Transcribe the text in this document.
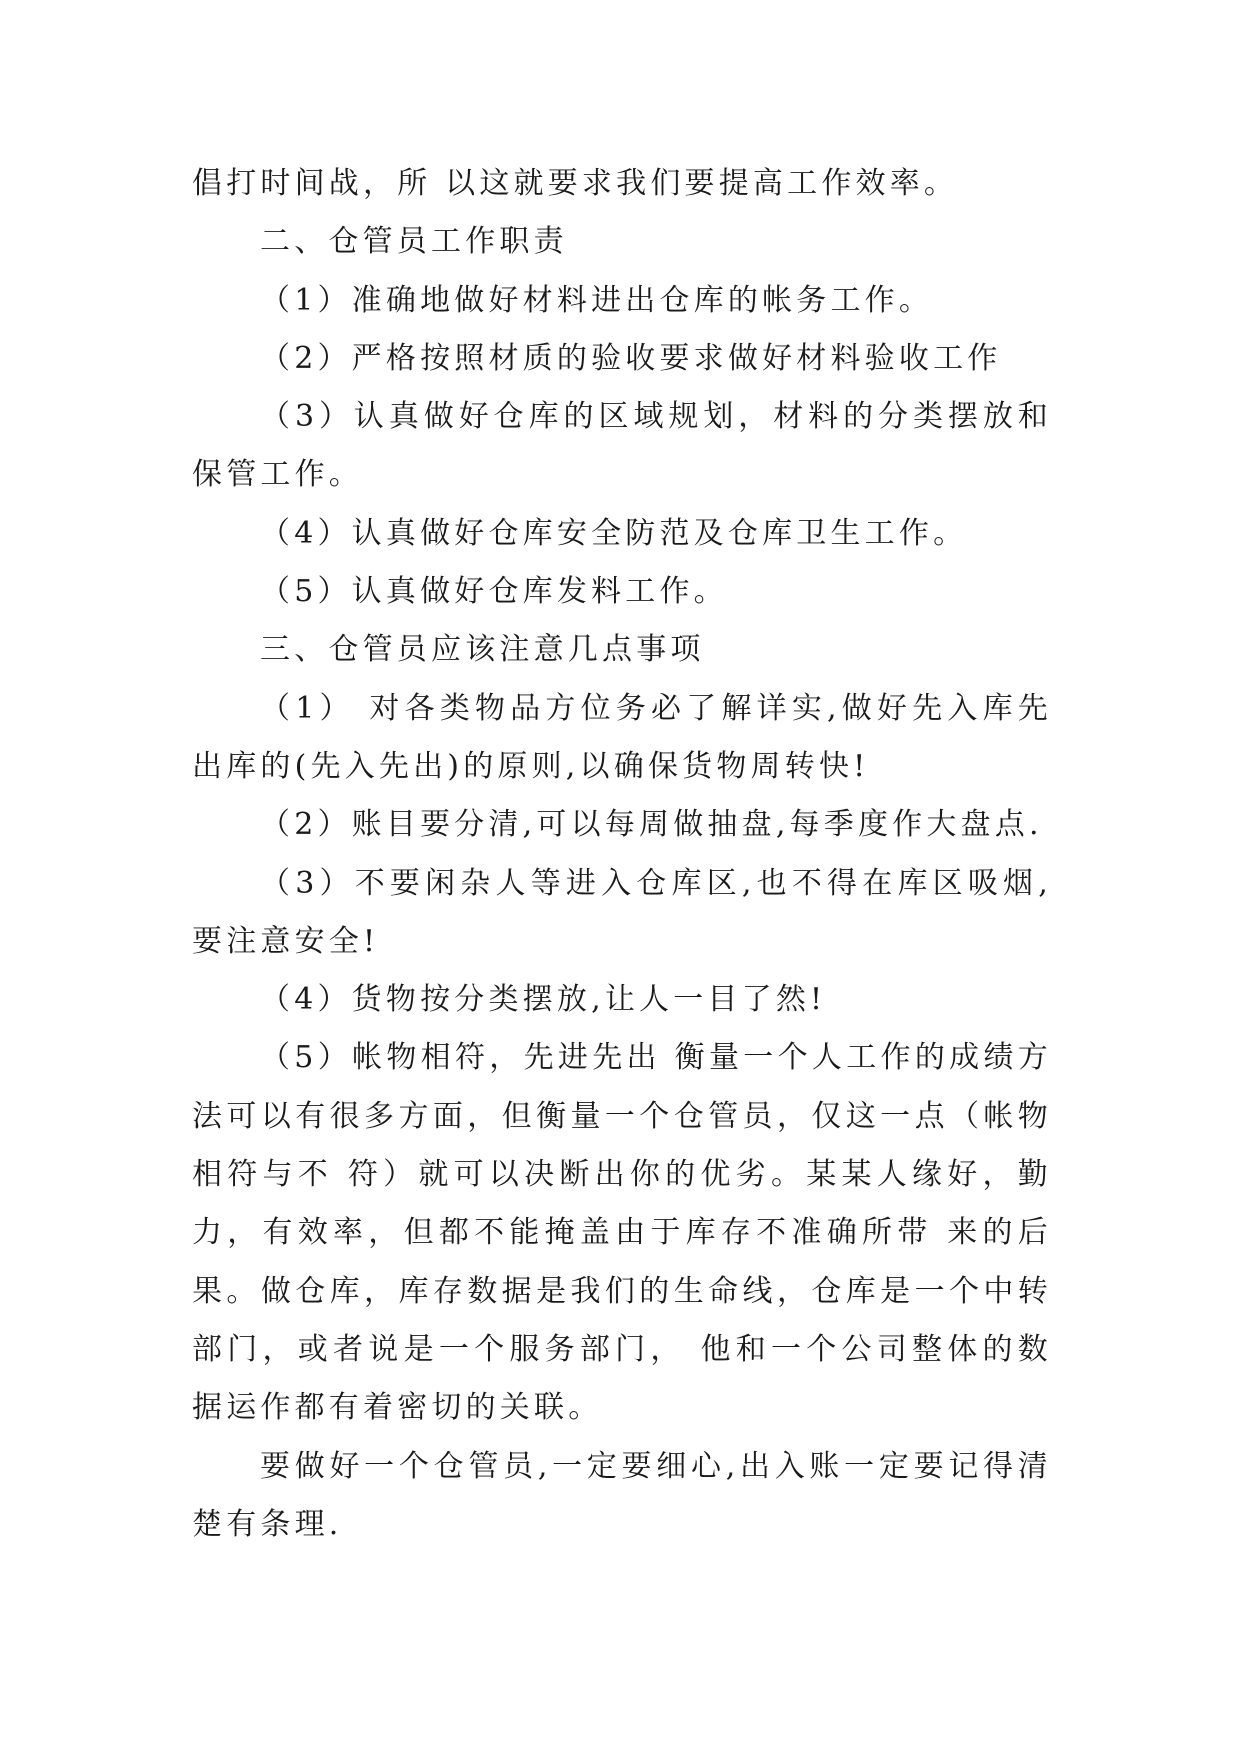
倡打时间战，所 以这就要求我们要提高工作效率。

二、仓管员工作职责

（1）准确地做好材料进出仓库的帐务工作。

（2）严格按照材质的验收要求做好材料验收工作

（3）认真做好仓库的区域规划，材料的分类摆放和保管工作。

（4）认真做好仓库安全防范及仓库卫生工作。

（5）认真做好仓库发料工作。

三、仓管员应该注意几点事项

（1） 对各类物品方位务必了解详实,做好先入库先出库的(先入先出)的原则,以确保货物周转快!

（2）账目要分清,可以每周做抽盘,每季度作大盘点.

（3）不要闲杂人等进入仓库区,也不得在库区吸烟,要注意安全!

（4）货物按分类摆放,让人一目了然!

（5）帐物相符，先进先出 衡量一个人工作的成绩方法可以有很多方面，但衡量一个仓管员，仅这一点（帐物相符与不 符）就可以决断出你的优劣。某某人缘好，勤力，有效率，但都不能掩盖由于库存不准确所带 来的后果。做仓库，库存数据是我们的生命线，仓库是一个中转部门，或者说是一个服务部门， 他和一个公司整体的数据运作都有着密切的关联。

要做好一个仓管员,一定要细心,出入账一定要记得清楚有条理.
